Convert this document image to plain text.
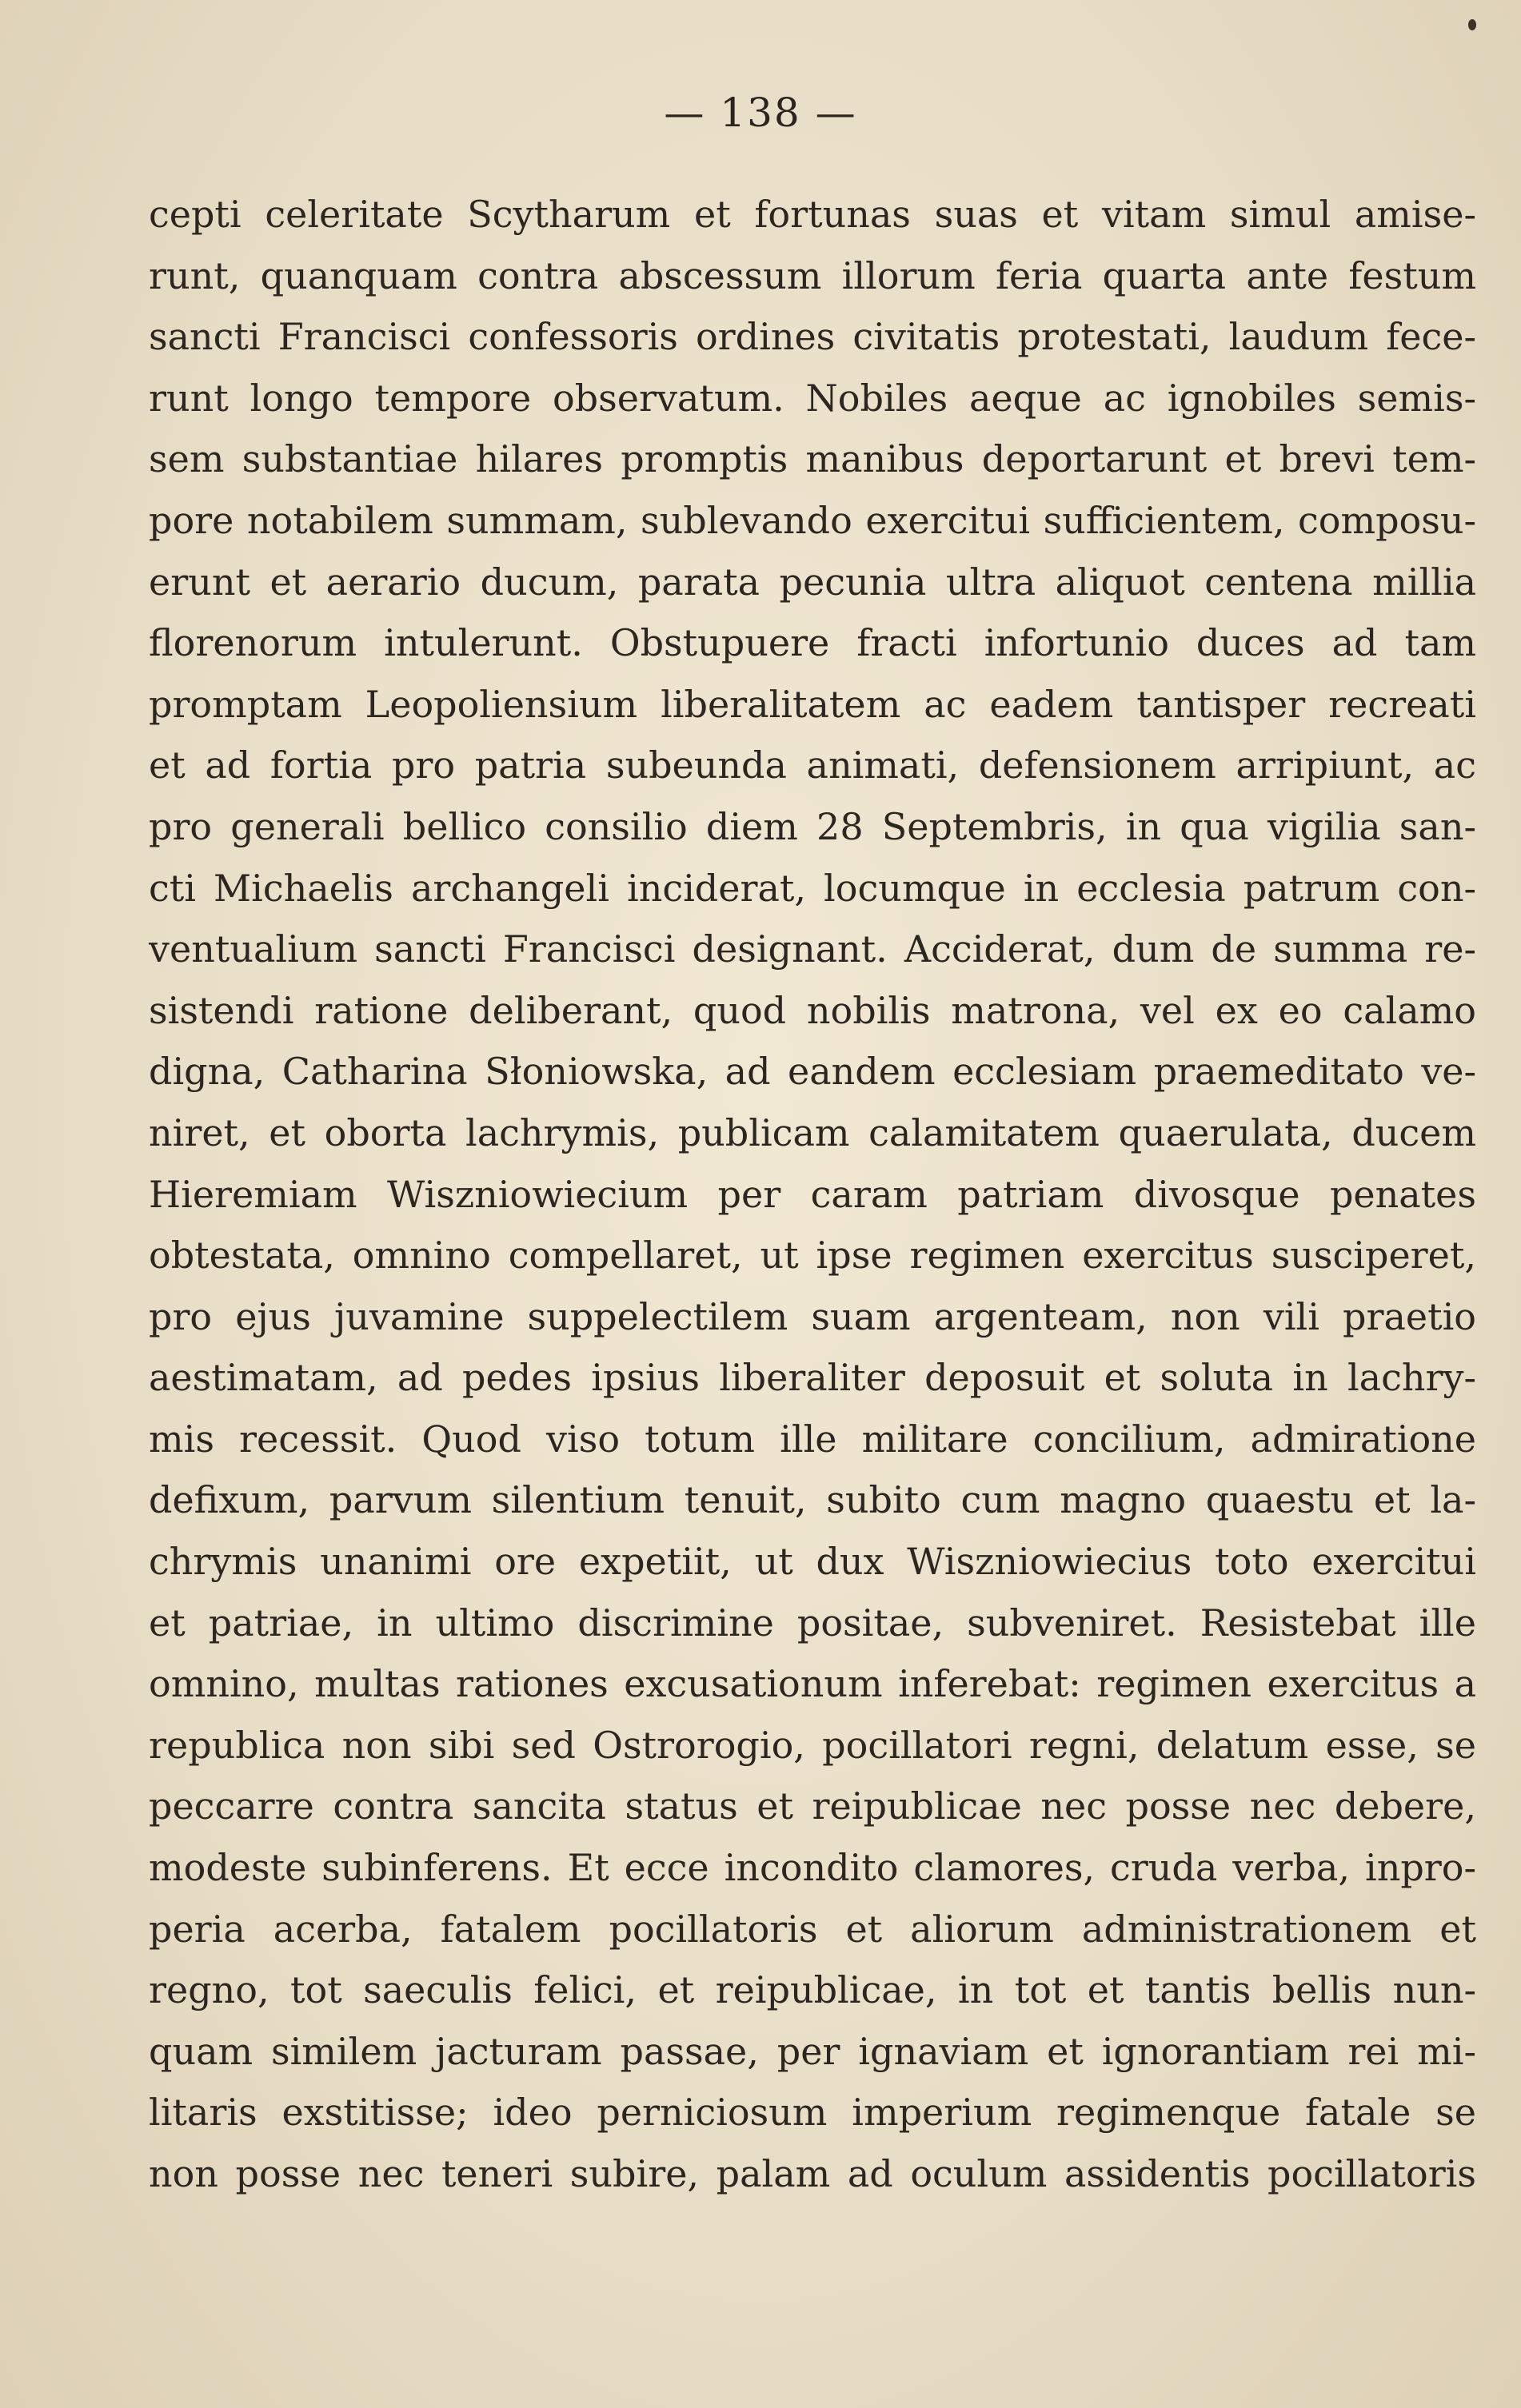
— 138 —
cepti celeritate Scytharum et fortunas suas et vitam simul amise-
runt, quanquam contra abscessum illorum feria quarta ante festum
sancti Francisci confessoris ordines civitatis protestati, laudum fece-
runt longo tempore observatum. Nobiles aeque ac ignobiles semis-
sem substantiae hilares promptis manibus deportarunt et brevi tem-
pore notabilem summam, sublevando exercitui sufficientem, composu-
erunt et aerario ducum, parata pecunia ultra aliquot centena millia
florenorum intulerunt. Obstupuere fracti infortunio duces ad tam
promptam Leopoliensium liberalitatem ac eadem tantisper recreati
et ad fortia pro patria subeunda animati, defensionem arripiunt, ac
pro generali bellico consilio diem 28 Septembris, in qua vigilia san-
cti Michaelis archangeli inciderat, locumque in ecclesia patrum con-
ventualium sancti Francisci designant. Acciderat, dum de summa re-
sistendi ratione deliberant, quod nobilis matrona, vel ex eo calamo
digna, Catharina Słoniowska, ad eandem ecclesiam praemeditato ve-
niret, et oborta lachrymis, publicam calamitatem quaerulata, ducem
Hieremiam Wiszniowiecium per caram patriam divosque penates
obtestata, omnino compellaret, ut ipse regimen exercitus susciperet,
pro ejus juvamine suppelectilem suam argenteam, non vili praetio
aestimatam, ad pedes ipsius liberaliter deposuit et soluta in lachry-
mis recessit. Quod viso totum ille militare concilium, admiratione
defixum, parvum silentium tenuit, subito cum magno quaestu et la-
chrymis unanimi ore expetiit, ut dux Wiszniowiecius toto exercitui
et patriae, in ultimo discrimine positae, subveniret. Resistebat ille
omnino, multas rationes excusationum inferebat: regimen exercitus a
republica non sibi sed Ostrorogio, pocillatori regni, delatum esse, se
peccarre contra sancita status et reipublicae nec posse nec debere,
modeste subinferens. Et ecce incondito clamores, cruda verba, inpro-
peria acerba, fatalem pocillatoris et aliorum administrationem et
regno, tot saeculis felici, et reipublicae, in tot et tantis bellis nun-
quam similem jacturam passae, per ignaviam et ignorantiam rei mi-
litaris exstitisse; ideo perniciosum imperium regimenque fatale se
non posse nec teneri subire, palam ad oculum assidentis pocillatoris
